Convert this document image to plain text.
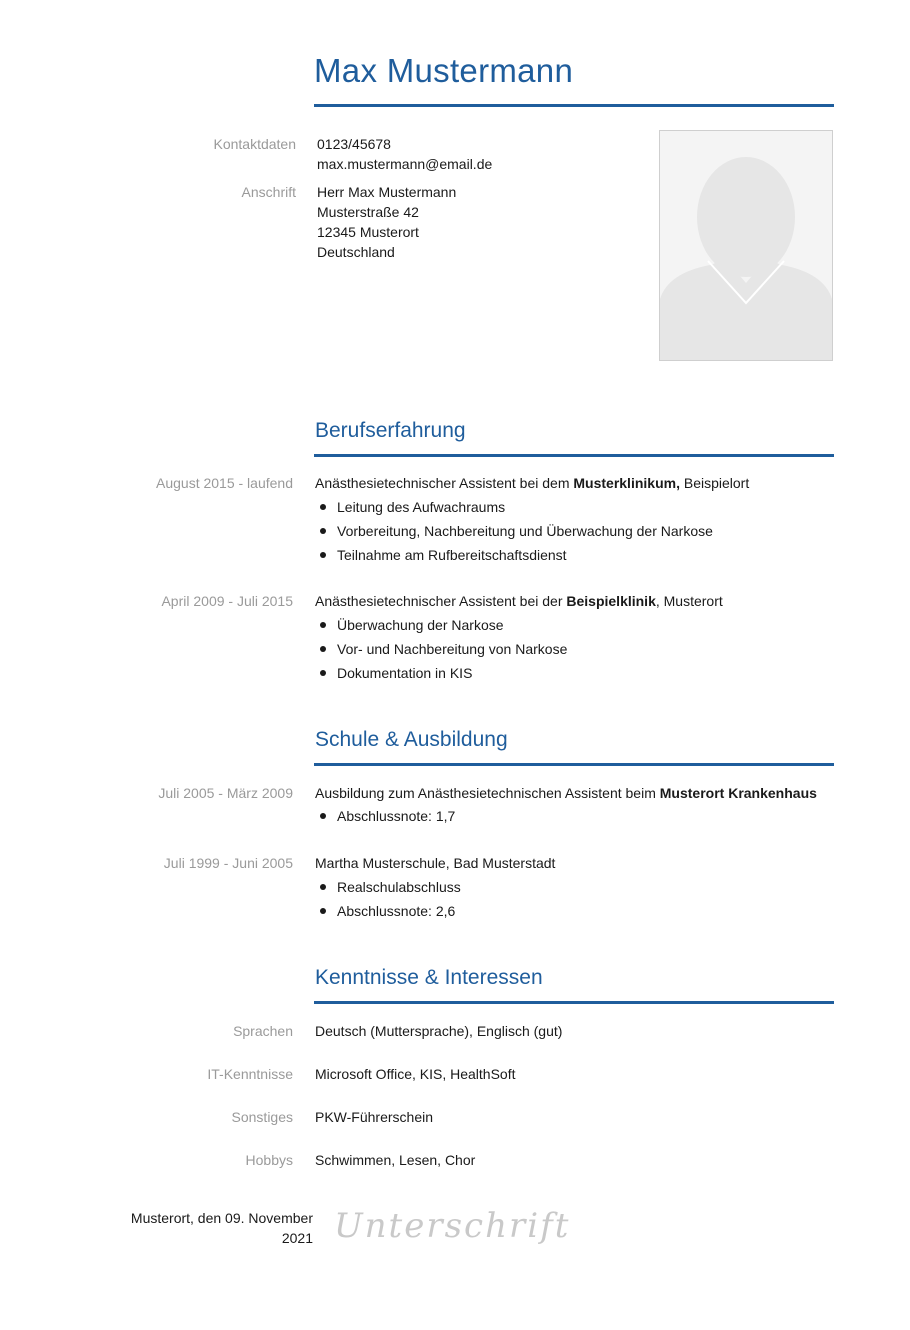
Max Mustermann
Kontaktdaten 0123/45678
max.mustermann@email.de
Anschrift Herr Max Mustermann
Musterstraße 42
12345 Musterort
Deutschland
Berufserfahrung
August 2015 - laufend Anästhesietechnischer Assistent bei dem Musterklinikum, Beispielort
Leitung des Aufwachraums
Vorbereitung, Nachbereitung und Überwachung der Narkose
Teilnahme am Rufbereitschaftsdienst
April 2009 - Juli 2015 Anästhesietechnischer Assistent bei der Beispielklinik, Musterort
Überwachung der Narkose
Vor- und Nachbereitung von Narkose
Dokumentation in KIS
Schule & Ausbildung
Juli 2005 - März 2009 Ausbildung zum Anästhesietechnischen Assistent beim Musterort Krankenhaus
Abschlussnote: 1,7
Juli 1999 - Juni 2005 Martha Musterschule, Bad Musterstadt
Realschulabschluss
Abschlussnote: 2,6
Kenntnisse & Interessen
Sprachen Deutsch (Muttersprache), Englisch (gut)
IT-Kenntnisse Microsoft Office, KIS, HealthSoft
Sonstiges PKW-Führerschein
Hobbys Schwimmen, Lesen, Chor
Musterort, den 09. November
2021 Unterschrift
